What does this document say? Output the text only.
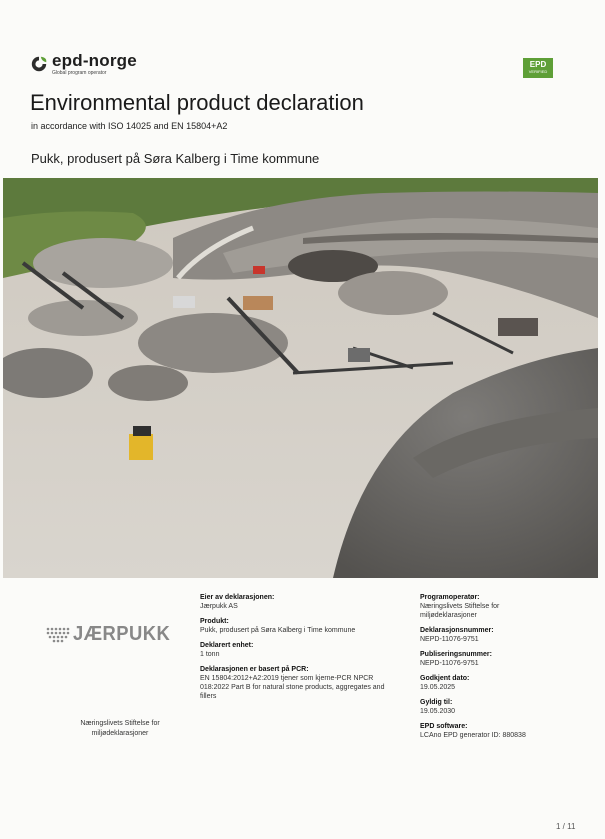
epd-norge
Global program operator
EPD
VERIFIED
Environmental product declaration
in accordance with ISO 14025 and EN 15804+A2
Pukk, produsert på Søra Kalberg i Time kommune
JÆRPUKK
Næringslivets Stiftelse for miljødeklarasjoner
Eier av deklarasjonen:
Jærpukk AS
Produkt:
Pukk, produsert på Søra Kalberg i Time kommune
Deklarert enhet:
1 tonn
Deklarasjonen er basert på PCR:
EN 15804:2012+A2:2019 tjener som kjerne-PCR NPCR 018:2022 Part B for natural stone products, aggregates and fillers
Programoperatør:
Næringslivets Stiftelse for miljødeklarasjoner
Deklarasjonsnummer:
NEPD-11076-9751
Publiseringsnummer:
NEPD-11076-9751
Godkjent dato:
19.05.2025
Gyldig til:
19.05.2030
EPD software:
LCAno EPD generator ID: 880838
1 / 11
